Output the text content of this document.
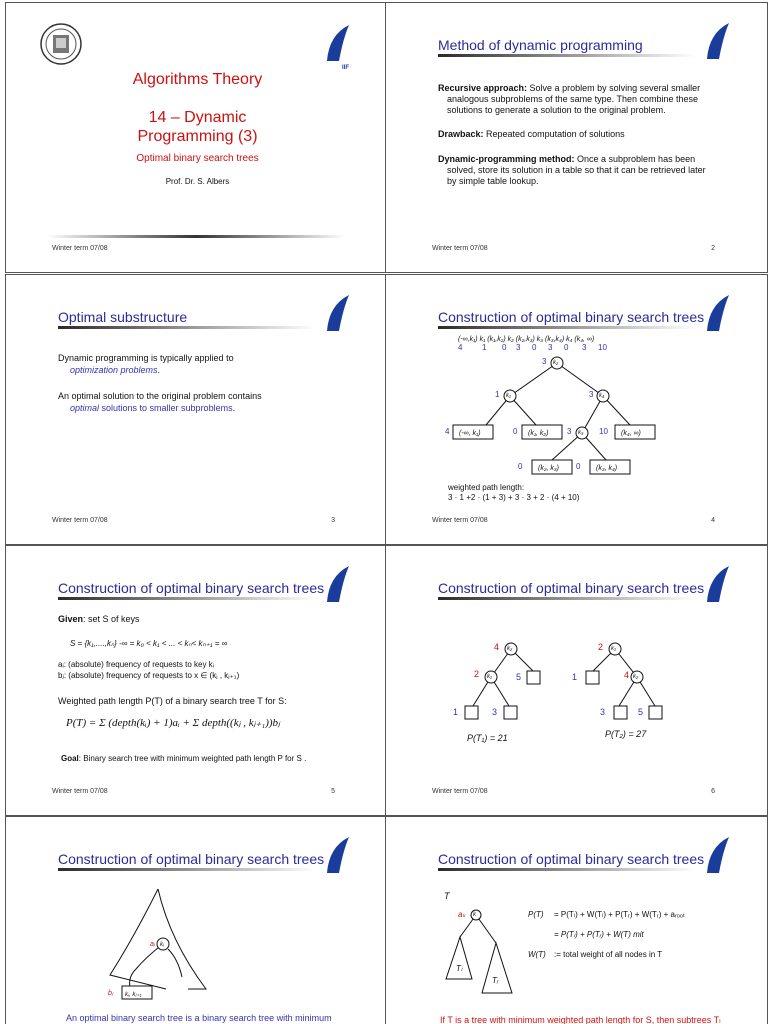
IIF
Algorithms Theory
14 – Dynamic
Programming (3)
Optimal binary search trees
Prof. Dr. S. Albers
Winter term 07/08
Method of dynamic programming
Recursive approach: Solve a problem by solving several smaller
analogous subproblems of the same type. Then combine these
solutions to generate a solution to the original problem.
Drawback: Repeated computation of solutions
Dynamic-programming method: Once a subproblem has been
solved, store its solution in a table so that it can be retrieved later
by simple table lookup.
Winter term 07/08	2
Optimal substructure
Dynamic programming is typically applied to
optimization problems.
An optimal solution to the original problem contains
optimal solutions to smaller subproblems.
Winter term 07/08	3
Construction of optimal binary search trees
(-∞,k₁) k₁ (k₁,k₂) k₂ (k₂,k₃) k₃ (k₃,k₄) k₄ (k₄, ∞)
4 1 0 3 0 3 0 3 10
k₂
3
k₁
1	k₄
3
k₃
3
(-∞, k₁)
4	(k₁, k₂)
0	(k₄, ∞)
10
(k₂, k₃)
0	(k₃, k₄)
0
weighted path length:
3 · 1 +2 · (1 + 3) + 3 · 3 + 2 · (4 + 10)
Winter term 07/08	4
Construction of optimal binary search trees
Given: set S of keys
S = {k₁,....,kₙ} -∞ = k₀ < k₁ < ... < kₙ< kₙ₊₁ = ∞
aᵢ: (absolute) frequency of requests to key kᵢ
bⱼ: (absolute) frequency of requests to x ∈ (kⱼ , kⱼ₊₁)
Weighted path length P(T) of a binary search tree T for S:
P(T) = Σ (depth(kᵢ) + 1)aᵢ + Σ depth((kⱼ , kⱼ₊₁))bⱼ
Goal: Binary search tree with minimum weighted path length P for S .
Winter term 07/08	5
Construction of optimal binary search trees
k₂
4
k₁
2	5
1	3
P(T₁) = 21
k₁
2
1	k₂
4
3	5
P(T₂) = 27
Winter term 07/08	6
Construction of optimal binary search trees
aᵢ kᵢ
bⱼ kⱼ, kⱼ₊₁
An optimal binary search tree is a binary search tree with minimum
Construction of optimal binary search trees
T
aₖ k
Tₗ
Tᵣ
P(T) = P(Tₗ) + W(Tₗ) + P(Tᵣ) + W(Tᵣ) + aᵣₒₒₜ
= P(Tₗ) + P(Tᵣ) + W(T) mit
W(T) := total weight of all nodes in T
If T is a tree with minimum weighted path length for S, then subtrees Tₗ
